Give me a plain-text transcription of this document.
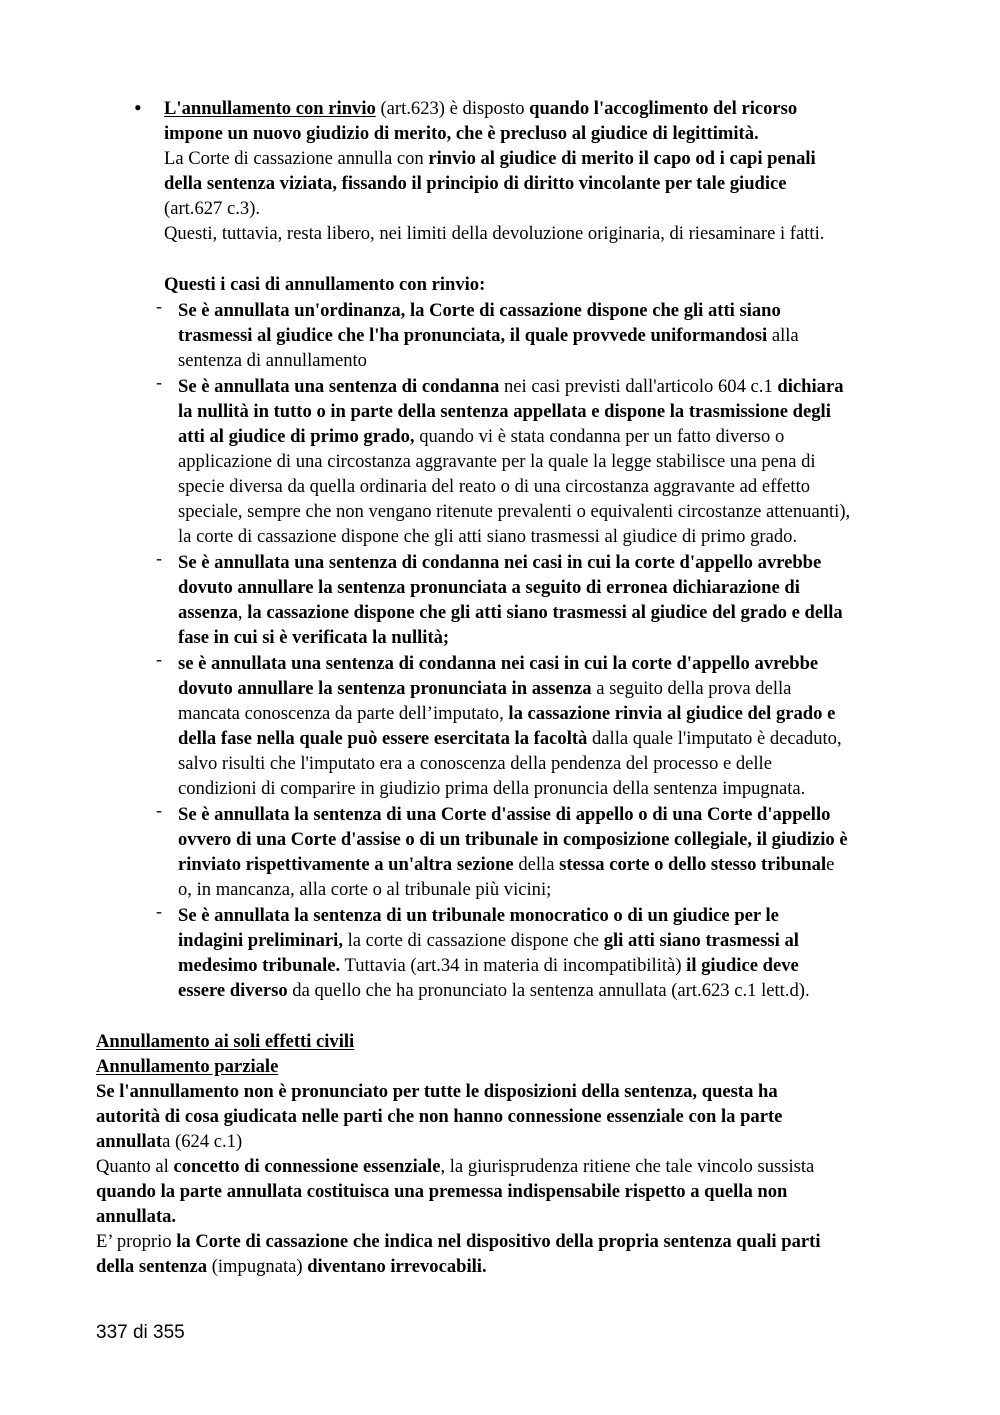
• L'annullamento con rinvio (art.623) è disposto quando l'accoglimento del ricorso
impone un nuovo giudizio di merito, che è precluso al giudice di legittimità.
La Corte di cassazione annulla con rinvio al giudice di merito il capo od i capi penali
della sentenza viziata, fissando il principio di diritto vincolante per tale giudice
(art.627 c.3).
Questi, tuttavia, resta libero, nei limiti della devoluzione originaria, di riesaminare i fatti.
Questi i casi di annullamento con rinvio:
- Se è annullata un'ordinanza, la Corte di cassazione dispone che gli atti siano
trasmessi al giudice che l'ha pronunciata, il quale provvede uniformandosi alla
sentenza di annullamento
- Se è annullata una sentenza di condanna nei casi previsti dall'articolo 604 c.1 dichiara
la nullità in tutto o in parte della sentenza appellata e dispone la trasmissione degli
atti al giudice di primo grado, quando vi è stata condanna per un fatto diverso o
applicazione di una circostanza aggravante per la quale la legge stabilisce una pena di
specie diversa da quella ordinaria del reato o di una circostanza aggravante ad effetto
speciale, sempre che non vengano ritenute prevalenti o equivalenti circostanze attenuanti),
la corte di cassazione dispone che gli atti siano trasmessi al giudice di primo grado.
- Se è annullata una sentenza di condanna nei casi in cui la corte d'appello avrebbe
dovuto annullare la sentenza pronunciata a seguito di erronea dichiarazione di
assenza, la cassazione dispone che gli atti siano trasmessi al giudice del grado e della
fase in cui si è verificata la nullità;
- se è annullata una sentenza di condanna nei casi in cui la corte d'appello avrebbe
dovuto annullare la sentenza pronunciata in assenza a seguito della prova della
mancata conoscenza da parte dell’imputato, la cassazione rinvia al giudice del grado e
della fase nella quale può essere esercitata la facoltà dalla quale l'imputato è decaduto,
salvo risulti che l'imputato era a conoscenza della pendenza del processo e delle
condizioni di comparire in giudizio prima della pronuncia della sentenza impugnata.
- Se è annullata la sentenza di una Corte d'assise di appello o di una Corte d'appello
ovvero di una Corte d'assise o di un tribunale in composizione collegiale, il giudizio è
rinviato rispettivamente a un'altra sezione della stessa corte o dello stesso tribunale
o, in mancanza, alla corte o al tribunale più vicini;
- Se è annullata la sentenza di un tribunale monocratico o di un giudice per le
indagini preliminari, la corte di cassazione dispone che gli atti siano trasmessi al
medesimo tribunale. Tuttavia (art.34 in materia di incompatibilità) il giudice deve
essere diverso da quello che ha pronunciato la sentenza annullata (art.623 c.1 lett.d).
Annullamento ai soli effetti civili
Annullamento parziale
Se l'annullamento non è pronunciato per tutte le disposizioni della sentenza, questa ha
autorità di cosa giudicata nelle parti che non hanno connessione essenziale con la parte
annullata (624 c.1)
Quanto al concetto di connessione essenziale, la giurisprudenza ritiene che tale vincolo sussista
quando la parte annullata costituisca una premessa indispensabile rispetto a quella non
annullata.
E’ proprio la Corte di cassazione che indica nel dispositivo della propria sentenza quali parti
della sentenza (impugnata) diventano irrevocabili.
337 di 355
